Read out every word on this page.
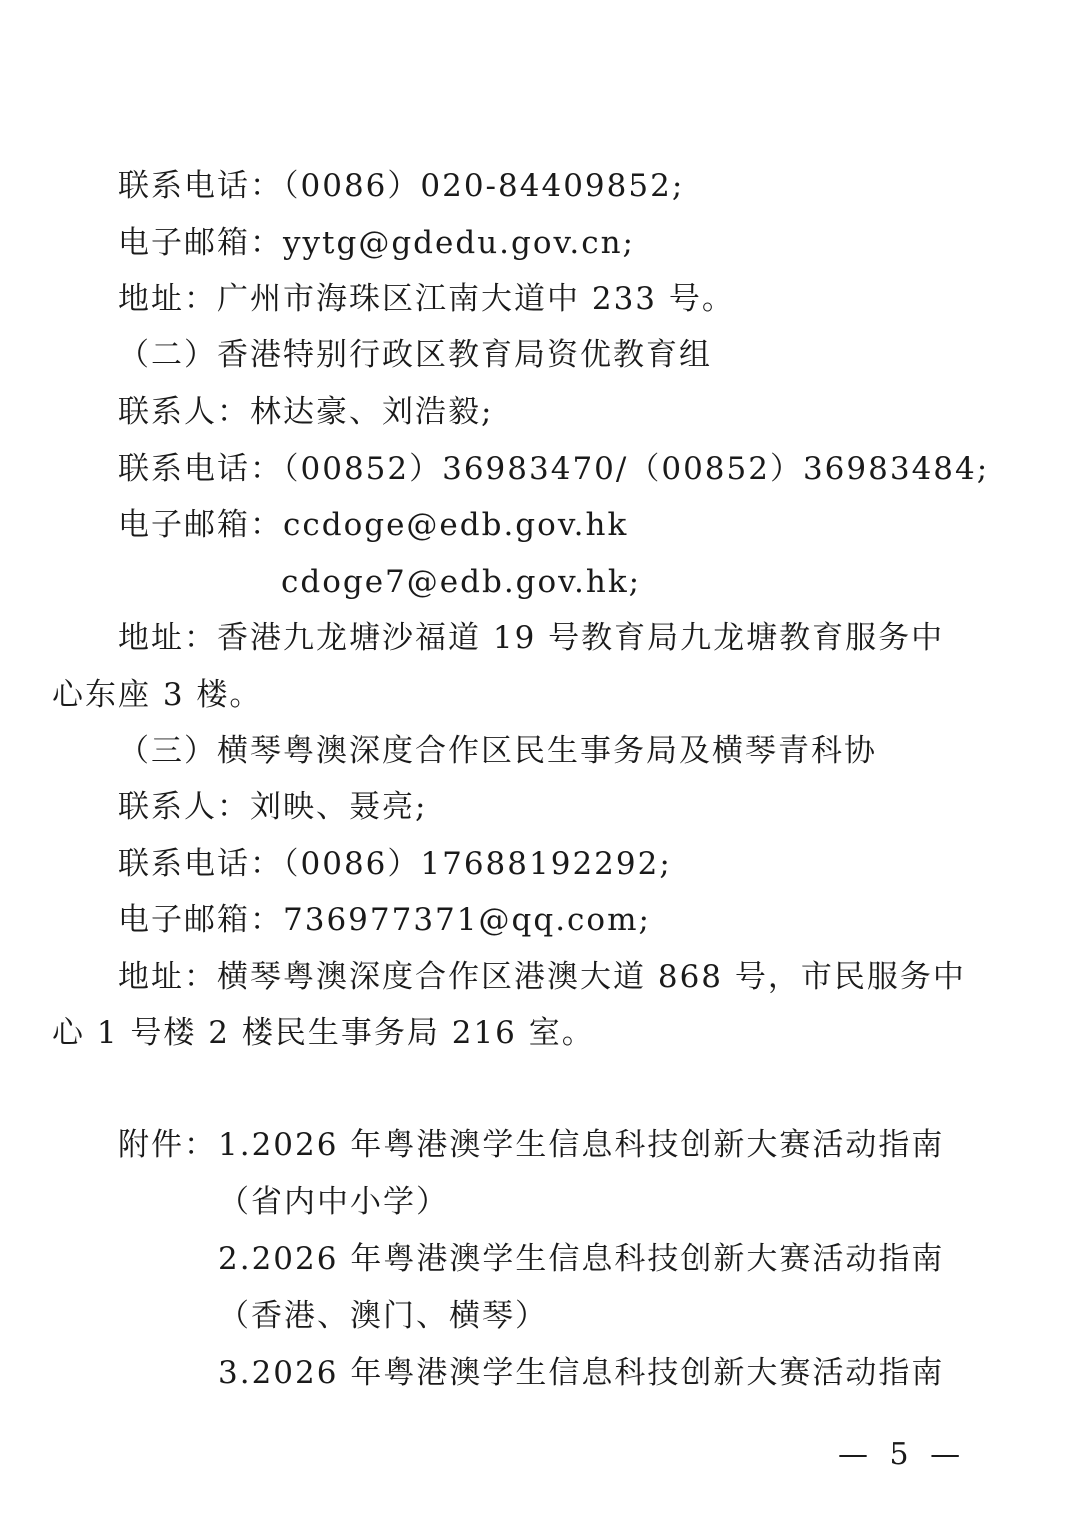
联系电话：（0086）020-84409852;
电子邮箱：yytg@gdedu.gov.cn;
地址：广州市海珠区江南大道中 233 号。
（二）香港特别行政区教育局资优教育组
联系人：林达豪、刘浩毅;
联系电话：（00852）36983470/（00852）36983484;
电子邮箱：ccdoge@edb.gov.hk
cdoge7@edb.gov.hk;
地址：香港九龙塘沙福道 19 号教育局九龙塘教育服务中
心东座 3 楼。
（三）横琴粤澳深度合作区民生事务局及横琴青科协
联系人：刘映、聂亮;
联系电话：（0086）17688192292;
电子邮箱：736977371@qq.com;
地址：横琴粤澳深度合作区港澳大道 868 号，市民服务中
心 1 号楼 2 楼民生事务局 216 室。
附件： 1.2026 年粤港澳学生信息科技创新大赛活动指南
（省内中小学）
2.2026 年粤港澳学生信息科技创新大赛活动指南
（香港、澳门、横琴）
3.2026 年粤港澳学生信息科技创新大赛活动指南
— 5 —
